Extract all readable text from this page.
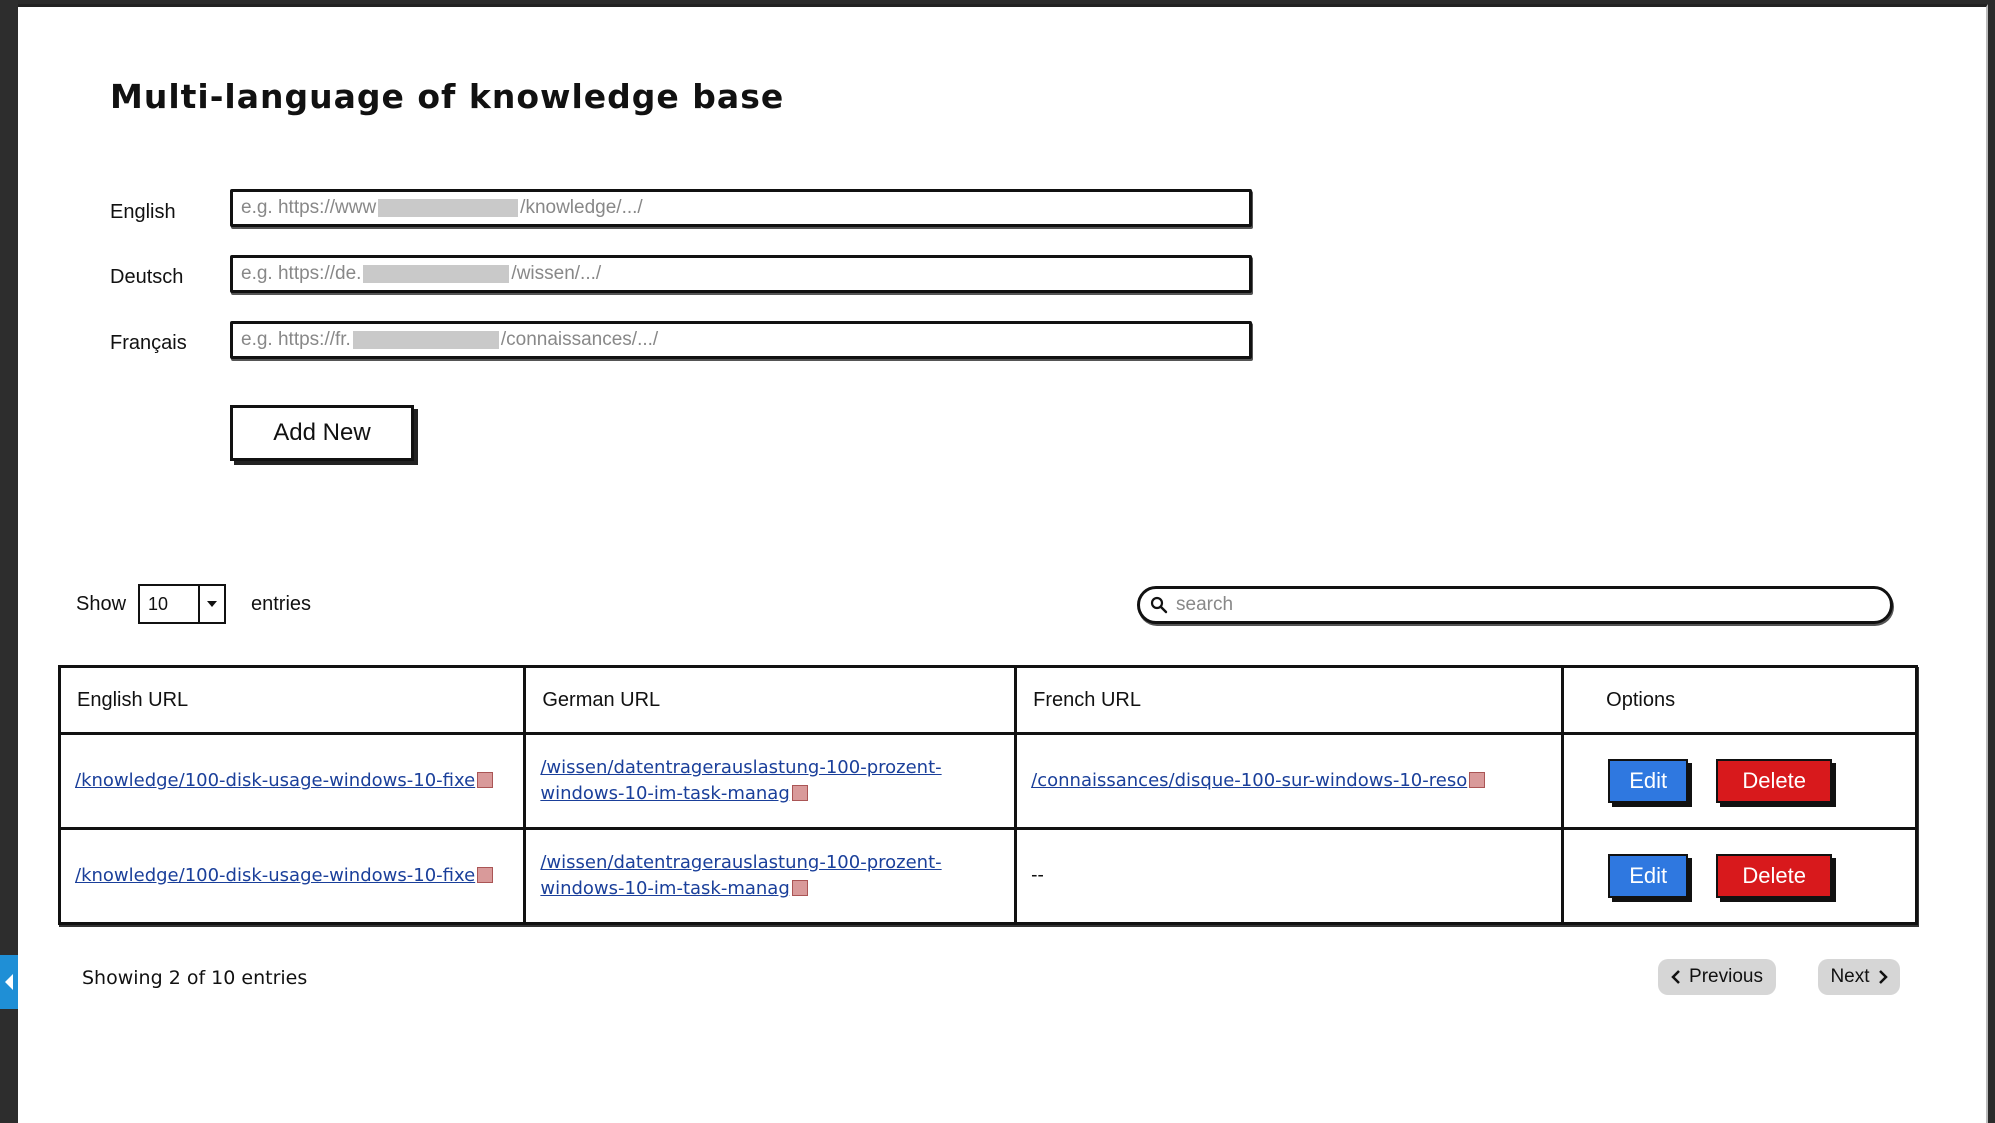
Multi-language of knowledge base
English	e.g. https://www	/knowledge/.../
Deutsch	e.g. https://de.	/wissen/.../
Français	e.g. https://fr.	/connaissances/.../
Add New
Show	10	entries
search
English URL	German URL	French URL	Options
/knowledge/100-disk-usage-windows-10-fixe	/wissen/datentragerauslastung-100-prozent-windows-10-im-task-manag	/connaissances/disque-100-sur-windows-10-reso	Edit Delete

/knowledge/100-disk-usage-windows-10-fixe	/wissen/datentragerauslastung-100-prozent-windows-10-im-task-manag	--	Edit Delete
Showing 2 of 10 entries	Previous	Next
